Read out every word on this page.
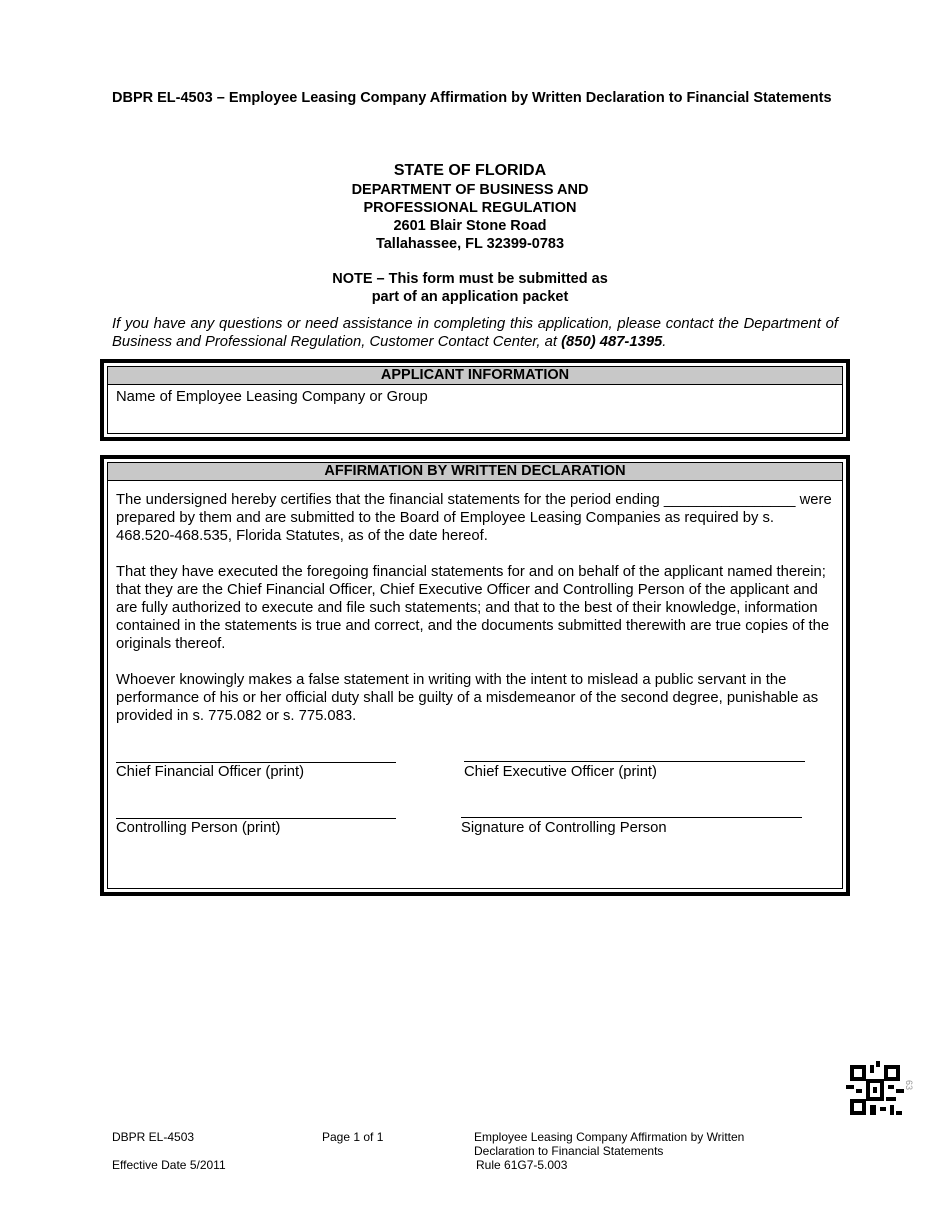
DBPR EL-4503 – Employee Leasing Company Affirmation by Written Declaration to Financial Statements
STATE OF FLORIDA
DEPARTMENT OF BUSINESS AND
PROFESSIONAL REGULATION
2601 Blair Stone Road
Tallahassee, FL 32399-0783
NOTE – This form must be submitted as
part of an application packet
If you have any questions or need assistance in completing this application, please contact the Department of Business and Professional Regulation, Customer Contact Center, at (850) 487-1395.
APPLICANT INFORMATION
Name of Employee Leasing Company or Group
AFFIRMATION BY WRITTEN DECLARATION
The undersigned hereby certifies that the financial statements for the period ending ________________ were prepared by them and are submitted to the Board of Employee Leasing Companies as required by s. 468.520-468.535, Florida Statutes, as of the date hereof.
That they have executed the foregoing financial statements for and on behalf of the applicant named therein; that they are the Chief Financial Officer, Chief Executive Officer and Controlling Person of the applicant and are fully authorized to execute and file such statements; and that to the best of their knowledge, information contained in the statements is true and correct, and the documents submitted therewith are true copies of the originals thereof.
Whoever knowingly makes a false statement in writing with the intent to mislead a public servant in the performance of his or her official duty shall be guilty of a misdemeanor of the second degree, punishable as provided in s. 775.082 or s. 775.083.
Chief Financial Officer (print)	Chief Executive Officer (print)
Controlling Person (print)	Signature of Controlling Person
63
DBPR EL-4503
Effective Date 5/2011
Page 1 of 1	Employee Leasing Company Affirmation by Written
Declaration to Financial Statements
Rule 61G7-5.003
